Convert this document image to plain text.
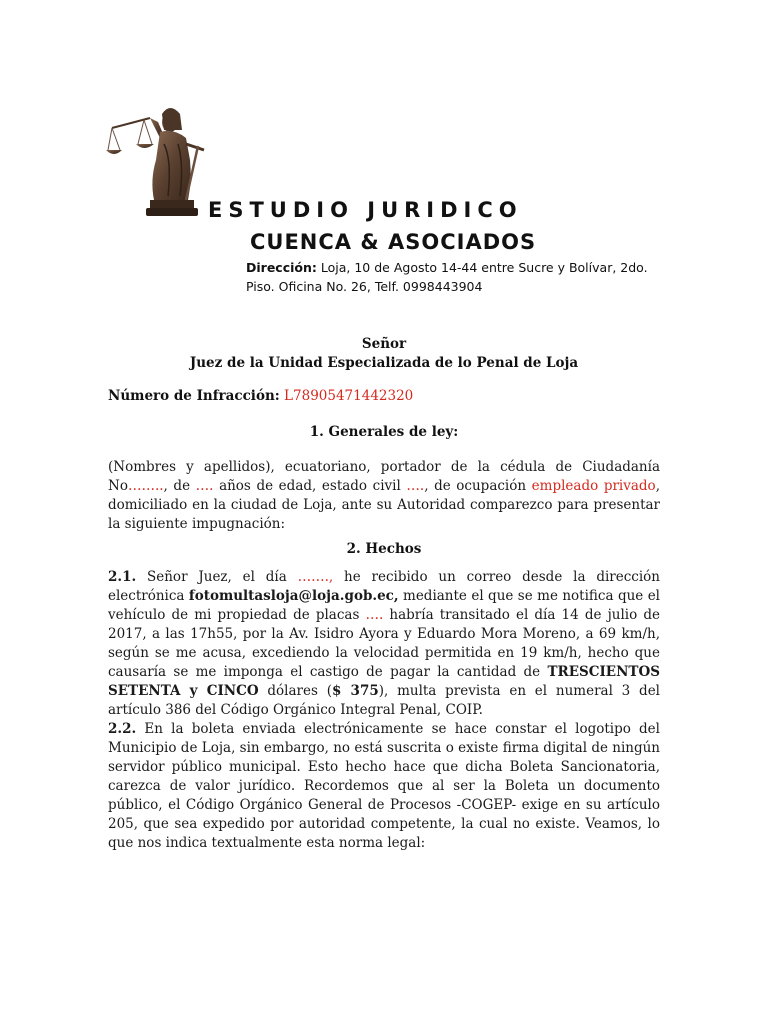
ESTUDIO JURIDICO
CUENCA & ASOCIADOS
Dirección: Loja, 10 de Agosto 14-44 entre Sucre y Bolívar, 2do.
Piso. Oficina No. 26, Telf. 0998443904
Señor
Juez de la Unidad Especializada de lo Penal de Loja
Número de Infracción: L78905471442320
1. Generales de ley:
(Nombres y apellidos), ecuatoriano, portador de la cédula de Ciudadanía No…….., de …. años de edad, estado civil …., de ocupación empleado privado, domiciliado en la ciudad de Loja, ante su Autoridad comparezco para presentar la siguiente impugnación:
2. Hechos
2.1. Señor Juez, el día ……., he recibido un correo desde la dirección electrónica fotomultasloja@loja.gob.ec, mediante el que se me notifica que el vehículo de mi propiedad de placas …. habría transitado el día 14 de julio de 2017, a las 17h55, por la Av. Isidro Ayora y Eduardo Mora Moreno, a 69 km/h, según se me acusa, excediendo la velocidad permitida en 19 km/h, hecho que causaría se me imponga el castigo de pagar la cantidad de TRESCIENTOS SETENTA y CINCO dólares ($ 375), multa prevista en el numeral 3 del artículo 386 del Código Orgánico Integral Penal, COIP.
2.2. En la boleta enviada electrónicamente se hace constar el logotipo del Municipio de Loja, sin embargo, no está suscrita o existe firma digital de ningún servidor público municipal. Esto hecho hace que dicha Boleta Sancionatoria, carezca de valor jurídico. Recordemos que al ser la Boleta un documento público, el Código Orgánico General de Procesos -COGEP- exige en su artículo 205, que sea expedido por autoridad competente, la cual no existe. Veamos, lo que nos indica textualmente esta norma legal:
